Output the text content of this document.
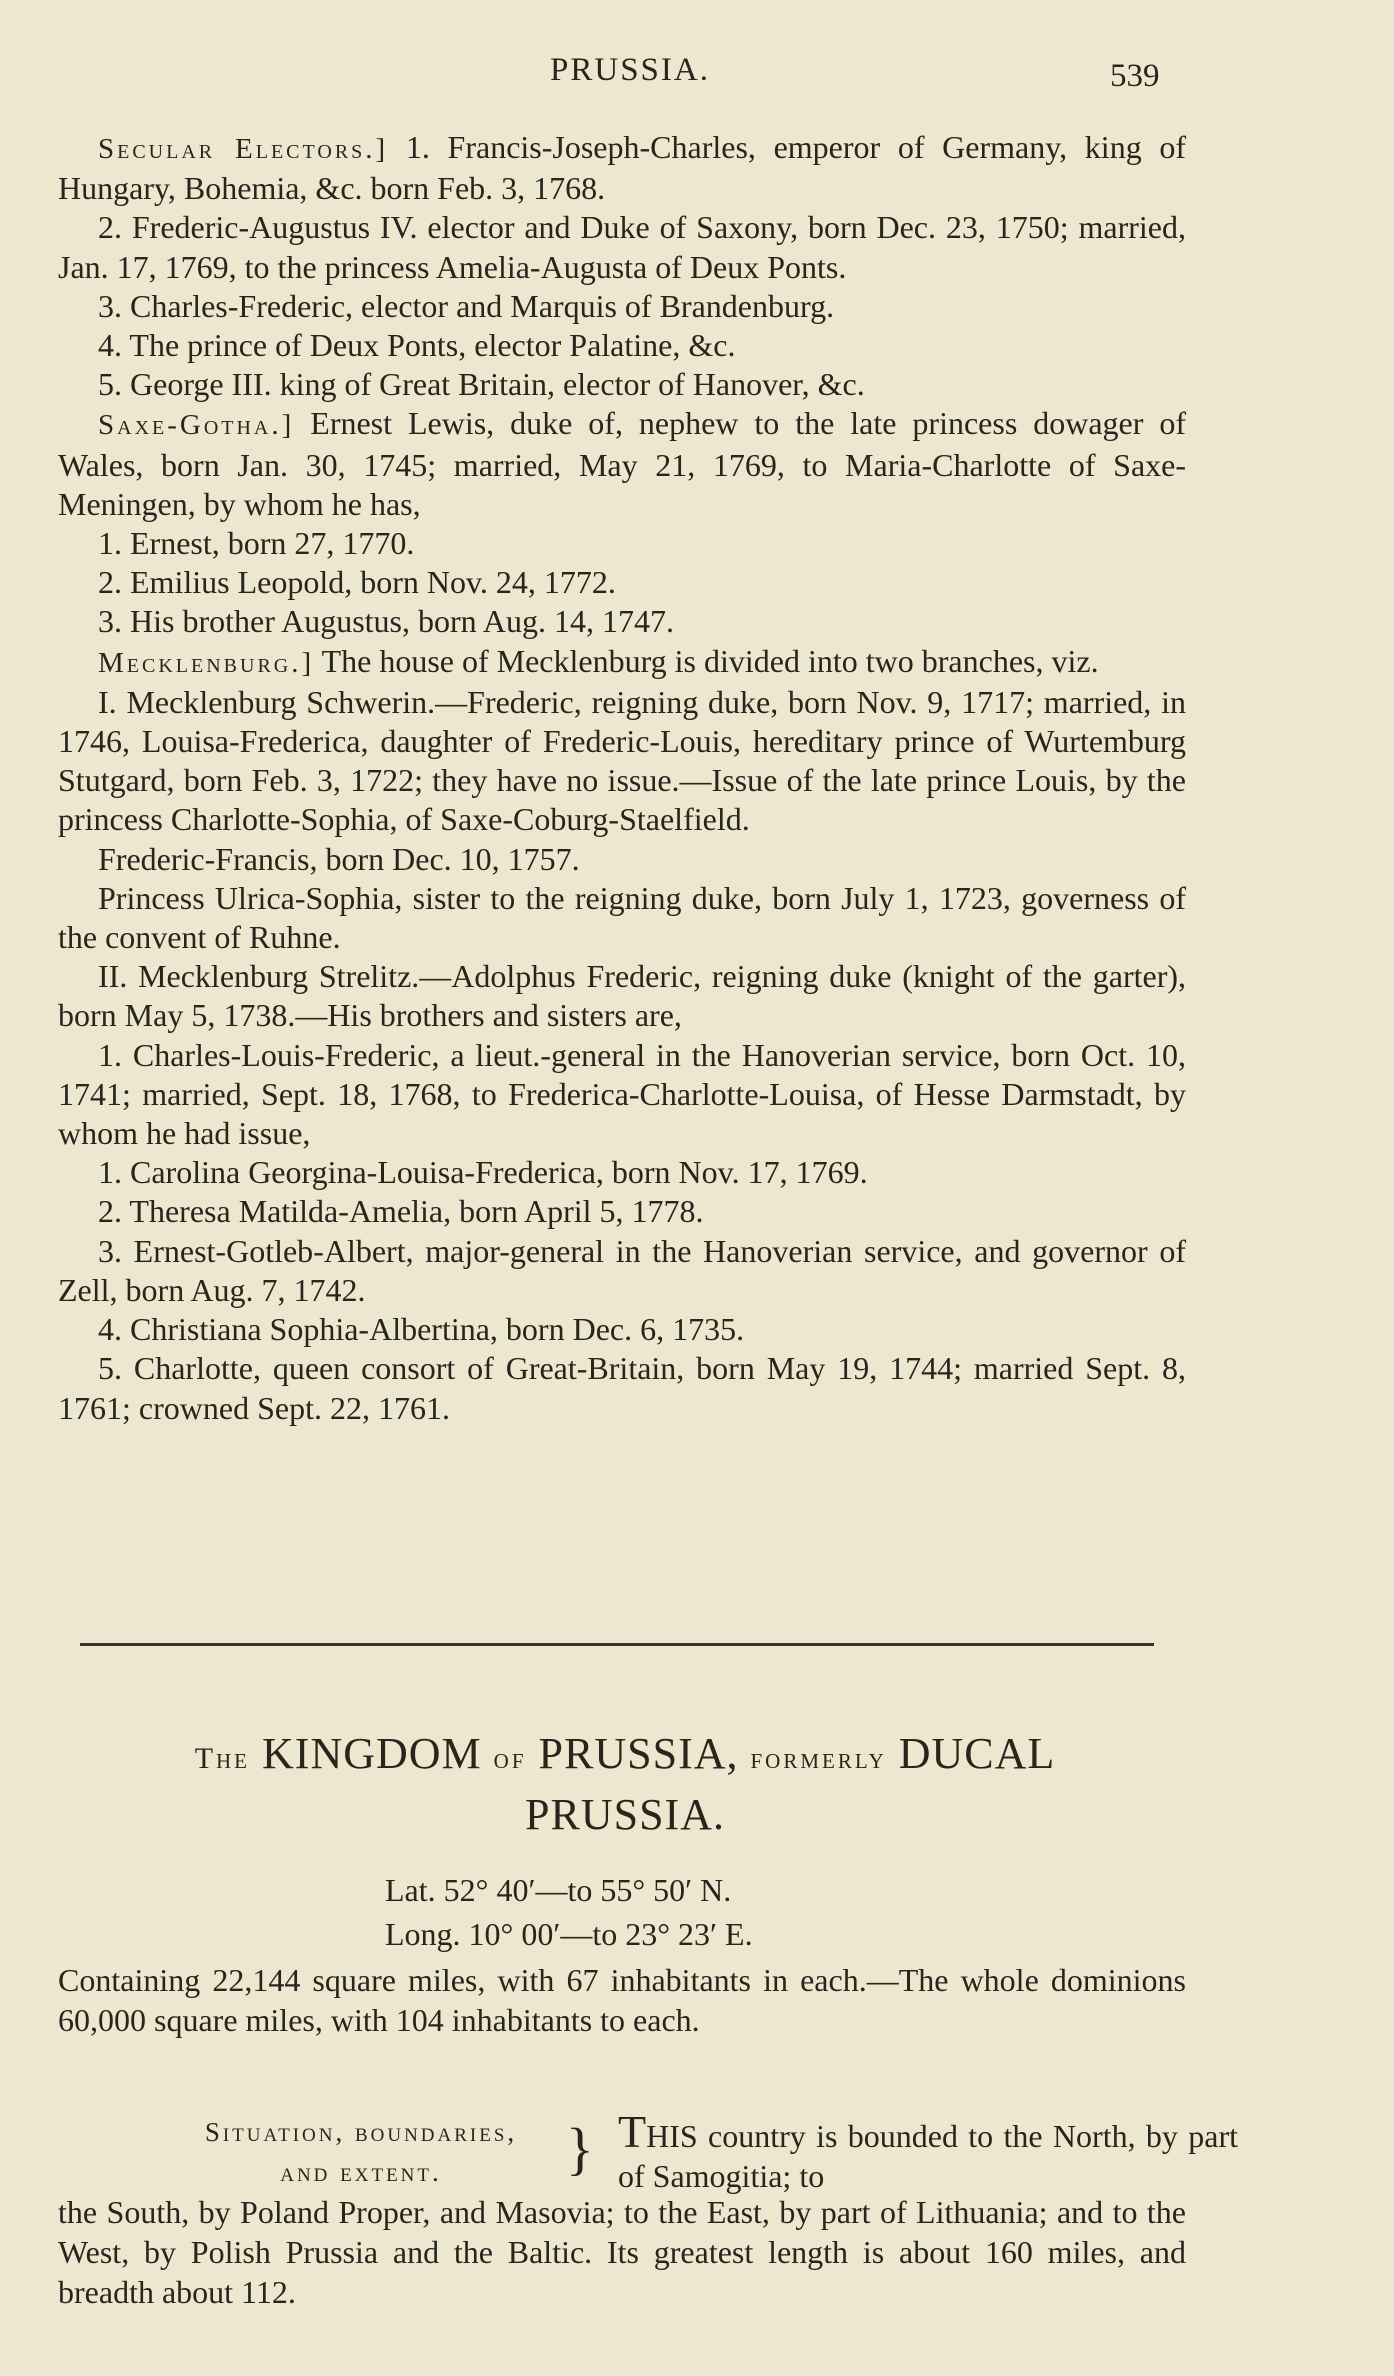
PRUSSIA.	539

Secular Electors.] 1. Francis-Joseph-Charles, emperor of Germany, king of Hungary, Bohemia, &c. born Feb. 3, 1768.

2. Frederic-Augustus IV. elector and Duke of Saxony, born Dec. 23, 1750; married, Jan. 17, 1769, to the princess Amelia-Augusta of Deux Ponts.

3. Charles-Frederic, elector and Marquis of Brandenburg.

4. The prince of Deux Ponts, elector Palatine, &c.

5. George III. king of Great Britain, elector of Hanover, &c.

Saxe-Gotha.] Ernest Lewis, duke of, nephew to the late princess dowager of Wales, born Jan. 30, 1745; married, May 21, 1769, to Maria-Charlotte of Saxe-Meningen, by whom he has,

1. Ernest, born 27, 1770.

2. Emilius Leopold, born Nov. 24, 1772.

3. His brother Augustus, born Aug. 14, 1747.

Mecklenburg.] The house of Mecklenburg is divided into two branches, viz.

I. Mecklenburg Schwerin.—Frederic, reigning duke, born Nov. 9, 1717; married, in 1746, Louisa-Frederica, daughter of Frederic-Louis, hereditary prince of Wurtemburg Stutgard, born Feb. 3, 1722; they have no issue.—Issue of the late prince Louis, by the princess Charlotte-Sophia, of Saxe-Coburg-Staelfield.

Frederic-Francis, born Dec. 10, 1757.

Princess Ulrica-Sophia, sister to the reigning duke, born July 1, 1723, governess of the convent of Ruhne.

II. Mecklenburg Strelitz.—Adolphus Frederic, reigning duke (knight of the garter), born May 5, 1738.—His brothers and sisters are,

1. Charles-Louis-Frederic, a lieut.-general in the Hanoverian service, born Oct. 10, 1741; married, Sept. 18, 1768, to Frederica-Charlotte-Louisa, of Hesse Darmstadt, by whom he had issue,

1. Carolina Georgina-Louisa-Frederica, born Nov. 17, 1769.

2. Theresa Matilda-Amelia, born April 5, 1778.

3. Ernest-Gotleb-Albert, major-general in the Hanoverian service, and governor of Zell, born Aug. 7, 1742.

4. Christiana Sophia-Albertina, born Dec. 6, 1735.

5. Charlotte, queen consort of Great-Britain, born May 19, 1744; married Sept. 8, 1761; crowned Sept. 22, 1761.

The KINGDOM of PRUSSIA, formerly DUCAL
PRUSSIA.
Lat. 52° 40′—to 55° 50′ N.
Long. 10° 00′—to 23° 23′ E.
Containing 22,144 square miles, with 67 inhabitants in each.—The whole dominions 60,000 square miles, with 104 inhabitants to each.
Situation, boundaries,
and extent.	} THIS country is bounded to the North, by part of Samogitia; to
the South, by Poland Proper, and Masovia; to the East, by part of Lithuania; and to the West, by Polish Prussia and the Baltic. Its greatest length is about 160 miles, and breadth about 112.
